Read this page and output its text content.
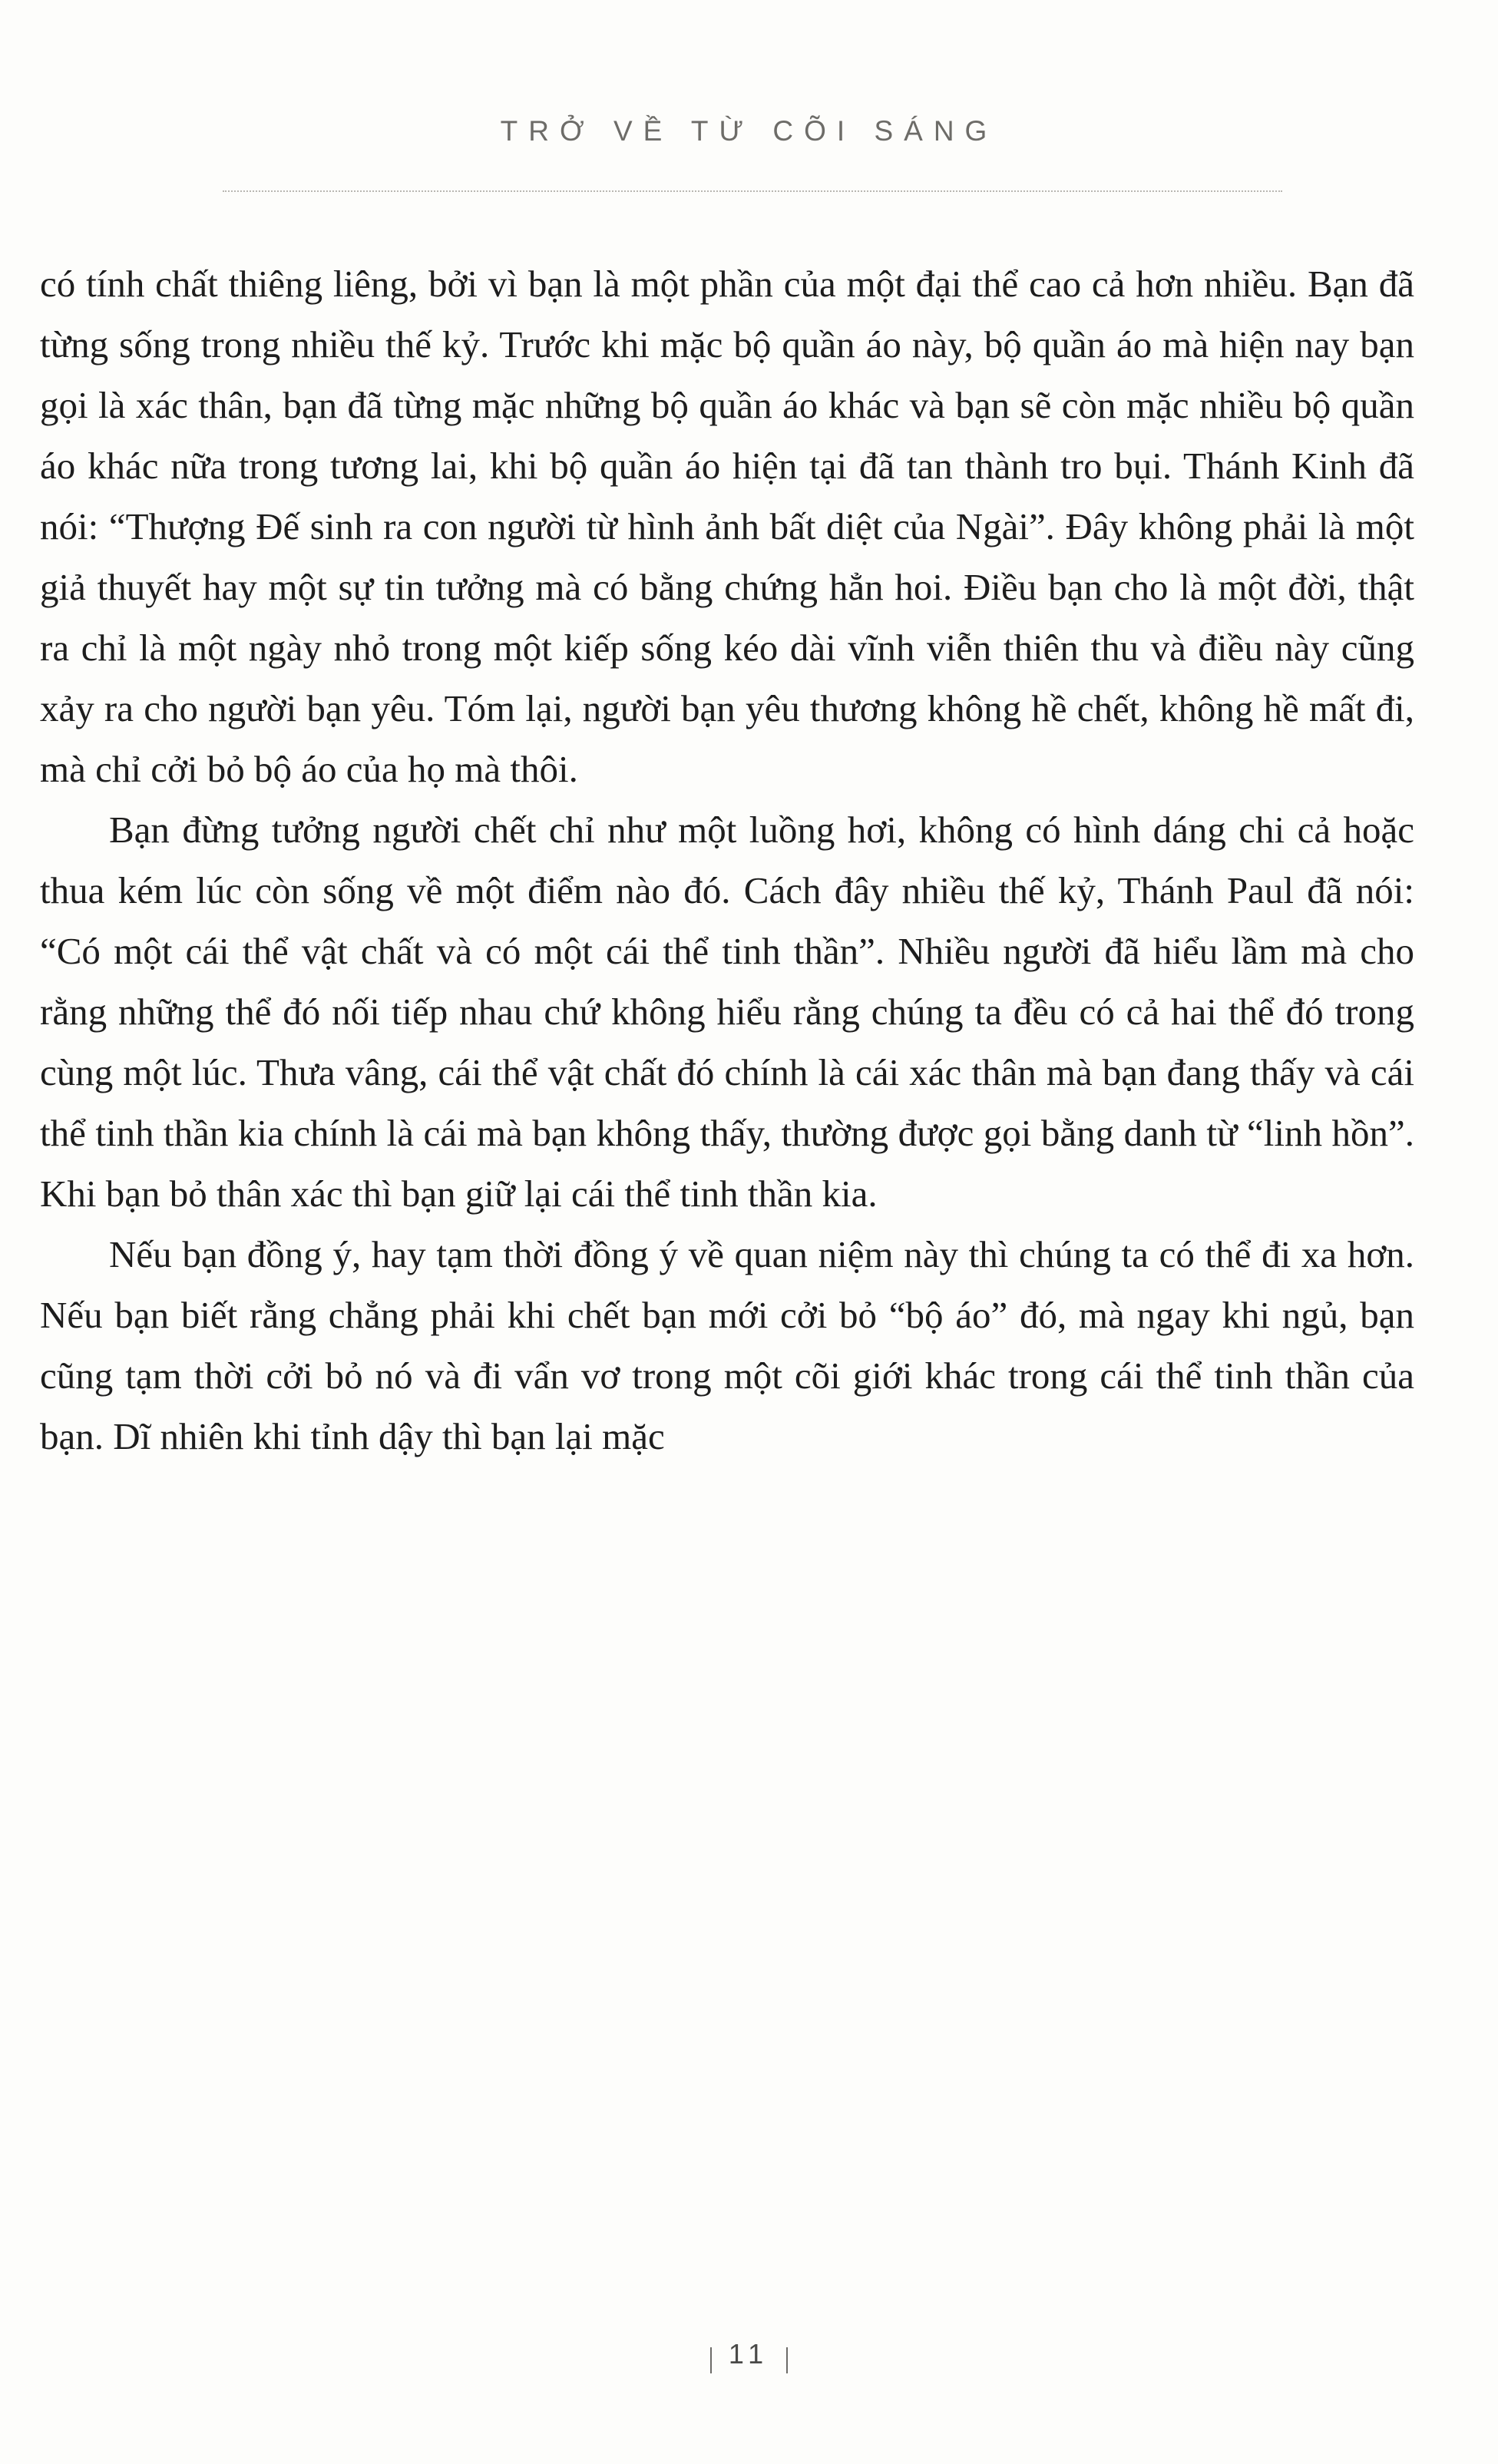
TRỞ VỀ TỪ CÕI SÁNG

có tính chất thiêng liêng, bởi vì bạn là một phần của một đại thể cao cả hơn nhiều. Bạn đã từng sống trong nhiều thế kỷ. Trước khi mặc bộ quần áo này, bộ quần áo mà hiện nay bạn gọi là xác thân, bạn đã từng mặc những bộ quần áo khác và bạn sẽ còn mặc nhiều bộ quần áo khác nữa trong tương lai, khi bộ quần áo hiện tại đã tan thành tro bụi. Thánh Kinh đã nói: “Thượng Đế sinh ra con người từ hình ảnh bất diệt của Ngài”. Đây không phải là một giả thuyết hay một sự tin tưởng mà có bằng chứng hẳn hoi. Điều bạn cho là một đời, thật ra chỉ là một ngày nhỏ trong một kiếp sống kéo dài vĩnh viễn thiên thu và điều này cũng xảy ra cho người bạn yêu. Tóm lại, người bạn yêu thương không hề chết, không hề mất đi, mà chỉ cởi bỏ bộ áo của họ mà thôi.

Bạn đừng tưởng người chết chỉ như một luồng hơi, không có hình dáng chi cả hoặc thua kém lúc còn sống về một điểm nào đó. Cách đây nhiều thế kỷ, Thánh Paul đã nói: “Có một cái thể vật chất và có một cái thể tinh thần”. Nhiều người đã hiểu lầm mà cho rằng những thể đó nối tiếp nhau chứ không hiểu rằng chúng ta đều có cả hai thể đó trong cùng một lúc. Thưa vâng, cái thể vật chất đó chính là cái xác thân mà bạn đang thấy và cái thể tinh thần kia chính là cái mà bạn không thấy, thường được gọi bằng danh từ “linh hồn”. Khi bạn bỏ thân xác thì bạn giữ lại cái thể tinh thần kia.

Nếu bạn đồng ý, hay tạm thời đồng ý về quan niệm này thì chúng ta có thể đi xa hơn. Nếu bạn biết rằng chẳng phải khi chết bạn mới cởi bỏ “bộ áo” đó, mà ngay khi ngủ, bạn cũng tạm thời cởi bỏ nó và đi vẩn vơ trong một cõi giới khác trong cái thể tinh thần của bạn. Dĩ nhiên khi tỉnh dậy thì bạn lại mặc

11
